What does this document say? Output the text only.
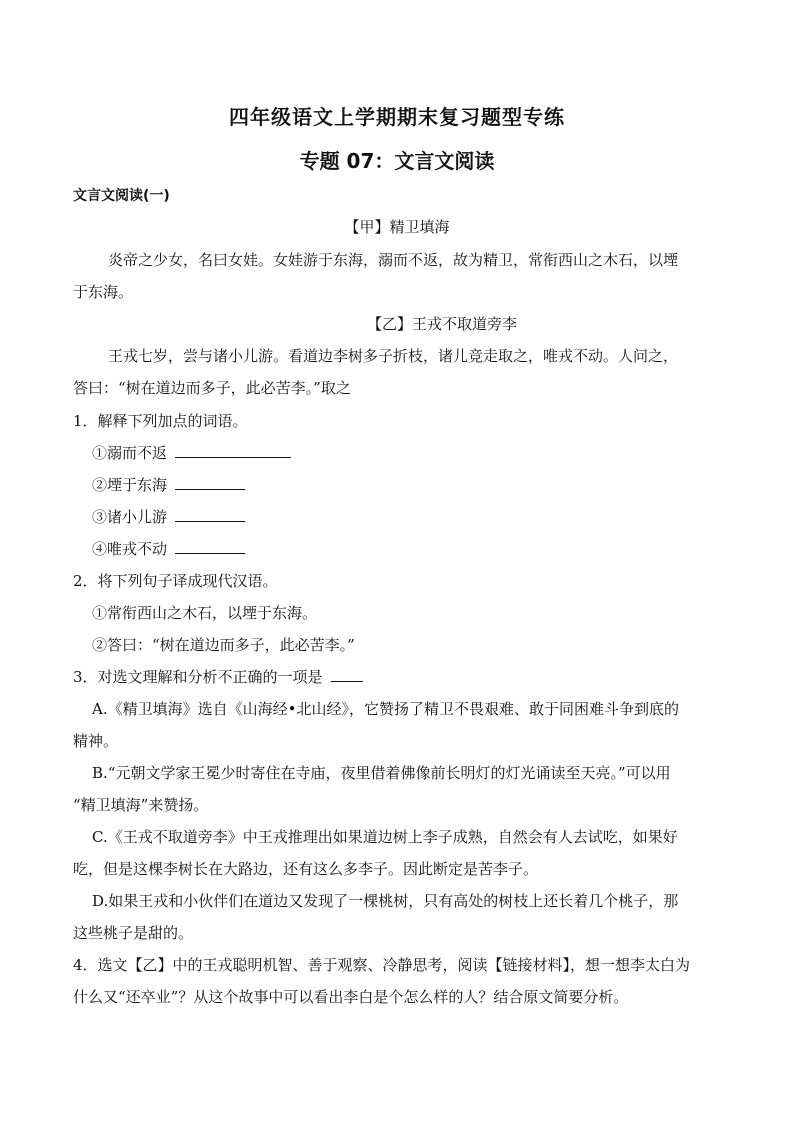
四年级语文上学期期末复习题型专练
专题 07：文言文阅读
文言文阅读(一)
【甲】精卫填海
炎帝之少女，名曰女娃。女娃游于东海，溺而不返，故为精卫，常衔西山之木石，以堙
于东海。
【乙】王戎不取道旁李
王戎七岁，尝与诸小儿游。看道边李树多子折枝，诸儿竞走取之，唯戎不动。人问之，
答曰：“树在道边而多子，此必苦李。”取之
1．解释下列加点的词语。
①溺而不返
②堙于东海
③诸小儿游
④唯戎不动
2．将下列句子译成现代汉语。
①常衔西山之木石，以堙于东海。
②答曰：“树在道边而多子，此必苦李。”
3．对选文理解和分析不正确的一项是
A.《精卫填海》选自《山海经•北山经》，它赞扬了精卫不畏艰难、敢于同困难斗争到底的
精神。
B.“元朝文学家王冕少时寄住在寺庙，夜里借着佛像前长明灯的灯光诵读至天亮。”可以用
“精卫填海”来赞扬。
C.《王戎不取道旁李》中王戎推理出如果道边树上李子成熟，自然会有人去试吃，如果好
吃，但是这棵李树长在大路边，还有这么多李子。因此断定是苦李子。
D.如果王戎和小伙伴们在道边又发现了一棵桃树，只有高处的树枝上还长着几个桃子，那
这些桃子是甜的。
4．选文【乙】中的王戎聪明机智、善于观察、冷静思考，阅读【链接材料】，想一想李太白为
什么又“还卒业”？从这个故事中可以看出李白是个怎么样的人？结合原文简要分析。
